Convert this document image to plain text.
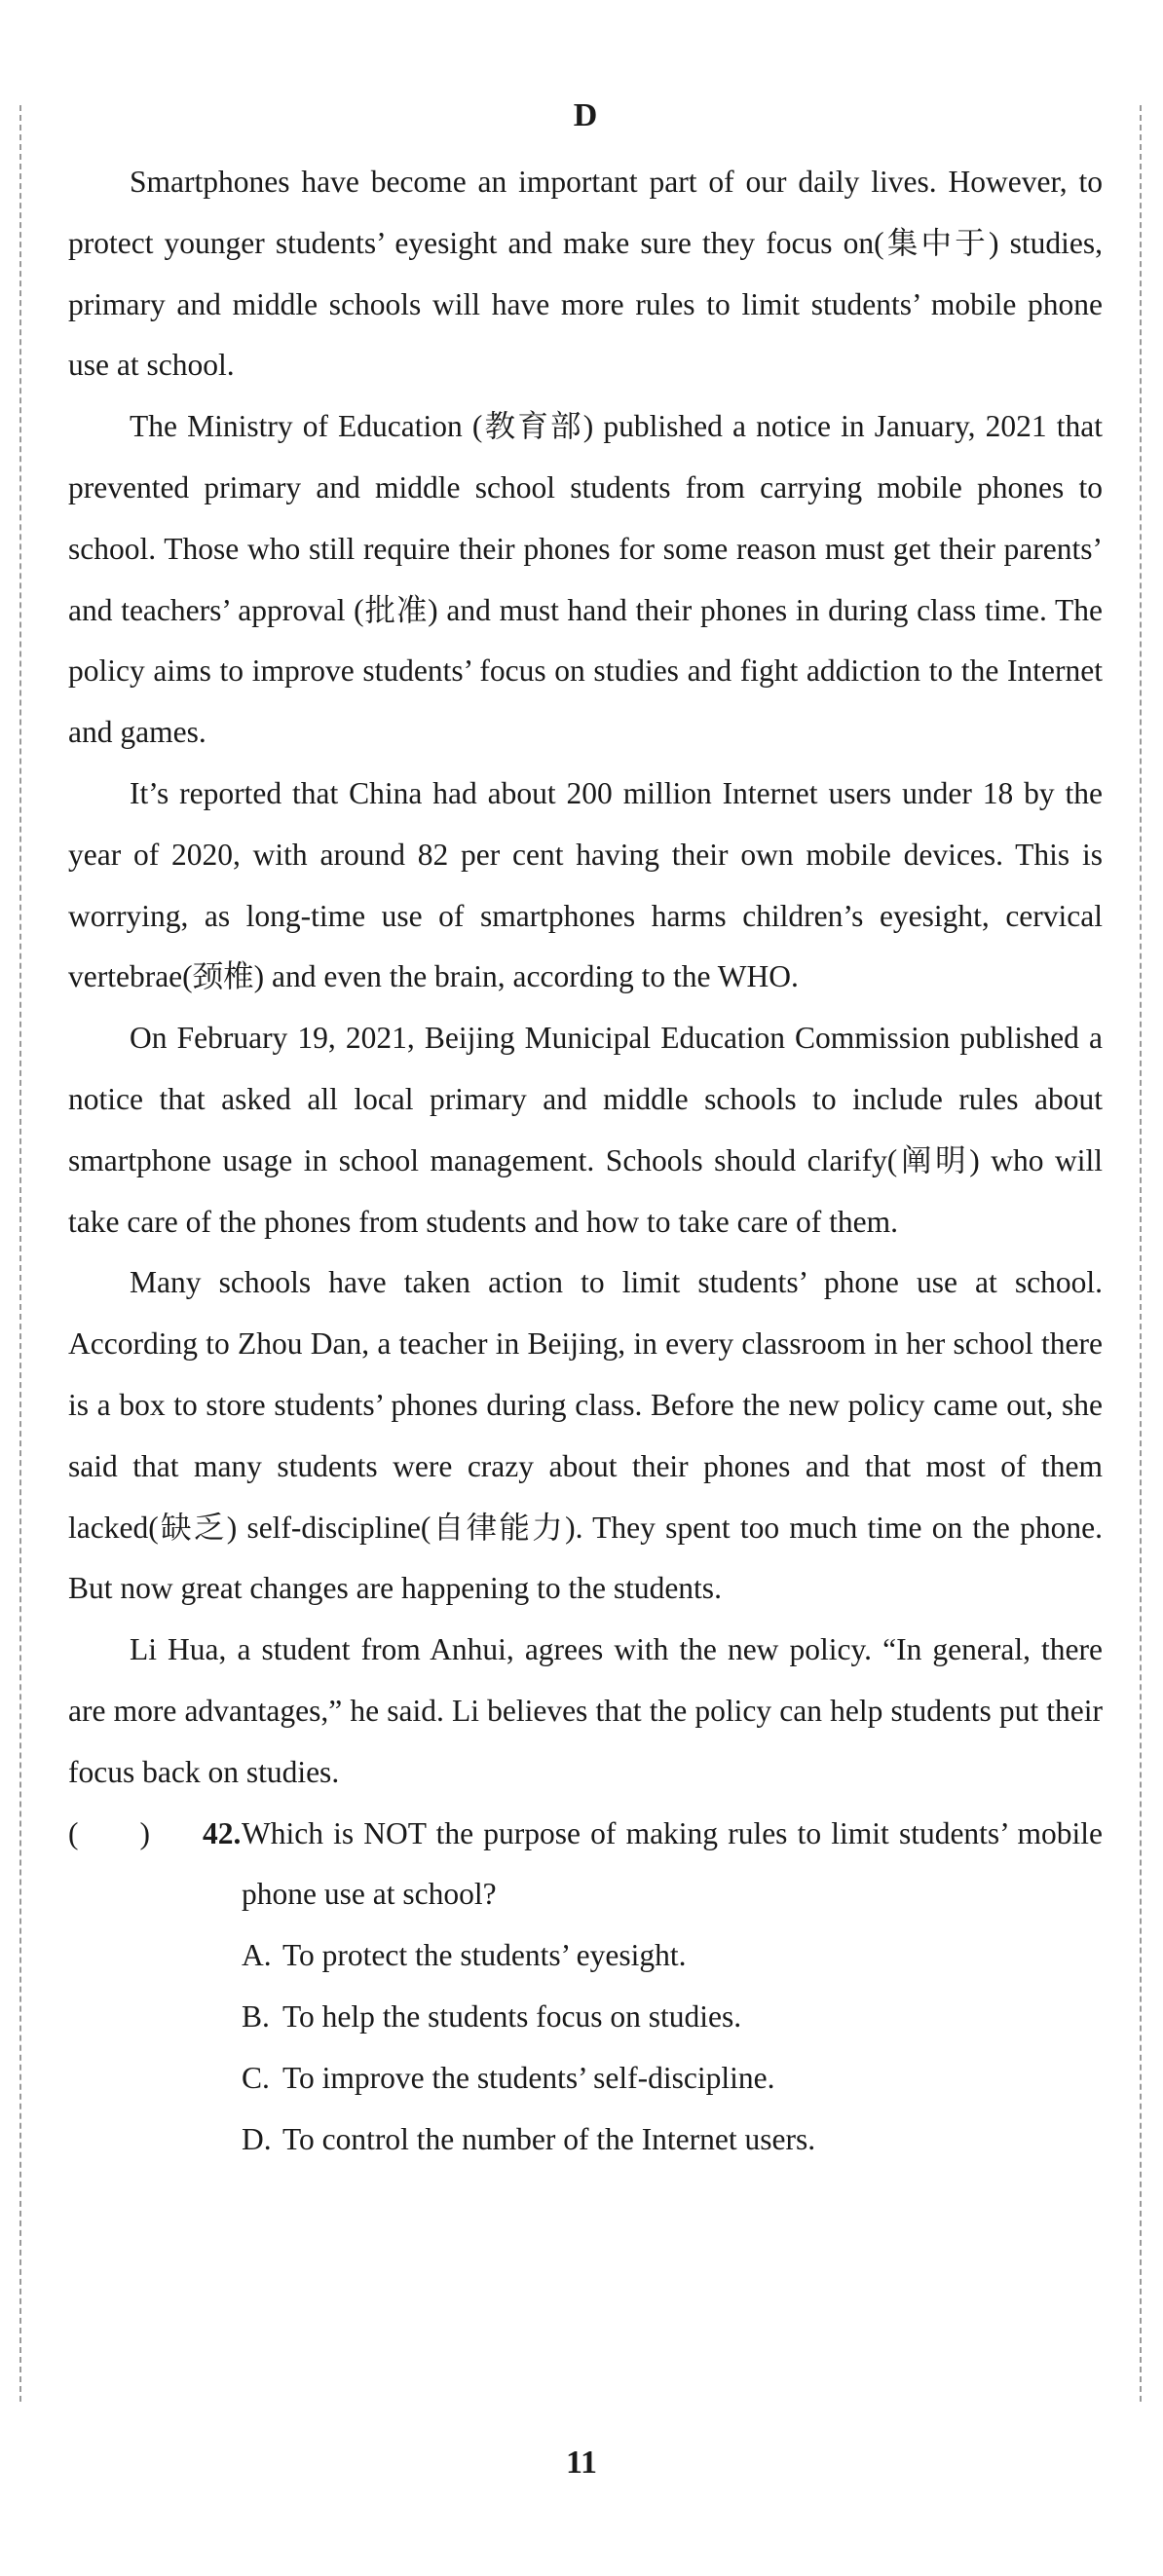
D

Smartphones have become an important part of our daily lives. However, to protect younger students’ eyesight and make sure they focus on(集中于) studies, primary and middle schools will have more rules to limit students’ mobile phone use at school.

The Ministry of Education (教育部) published a notice in January, 2021 that prevented primary and middle school students from carrying mobile phones to school. Those who still require their phones for some reason must get their parents’ and teachers’ approval (批准) and must hand their phones in during class time. The policy aims to improve students’ focus on studies and fight addiction to the Internet and games.

It’s reported that China had about 200 million Internet users under 18 by the year of 2020, with around 82 per cent having their own mobile devices. This is worrying, as long-time use of smartphones harms children’s eyesight, cervical vertebrae(颈椎) and even the brain, according to the WHO.

On February 19, 2021, Beijing Municipal Education Commission published a notice that asked all local primary and middle schools to include rules about smartphone usage in school management. Schools should clarify(阐明) who will take care of the phones from students and how to take care of them.

Many schools have taken action to limit students’ phone use at school. According to Zhou Dan, a teacher in Beijing, in every classroom in her school there is a box to store students’ phones during class. Before the new policy came out, she said that many students were crazy about their phones and that most of them lacked(缺乏) self-discipline(自律能力). They spent too much time on the phone. But now great changes are happening to the students.

Li Hua, a student from Anhui, agrees with the new policy. “In general, there are more advantages,” he said. Li believes that the policy can help students put their focus back on studies.

(        )	42. Which is NOT the purpose of making rules to limit students’ mobile phone use at school?
A. To protect the students’ eyesight.
B. To help the students focus on studies.
C. To improve the students’ self-discipline.
D. To control the number of the Internet users.
11
